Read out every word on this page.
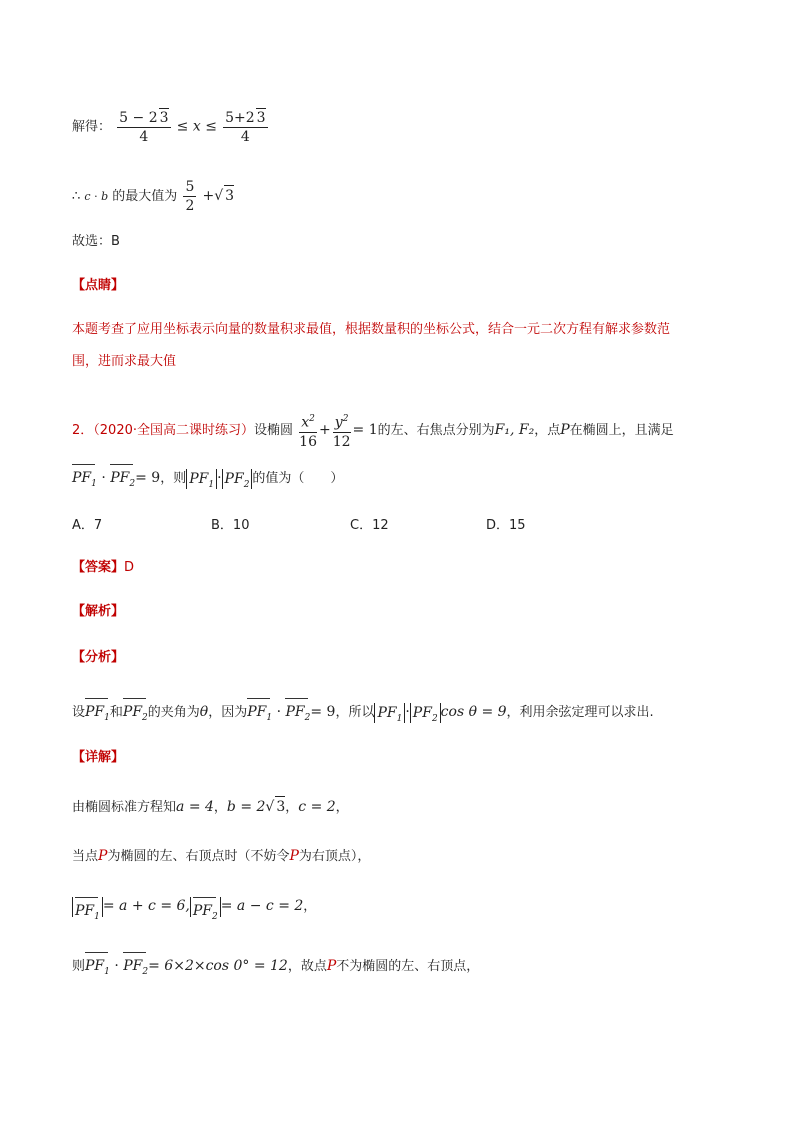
解得： $\frac{5 - 2 3}{4} \le x \le \frac{5+2 3}{4}$
∴ c · b 的最大值为 $\frac{5}{2}$ +√ 3
故选：B
【点睛】
本题考查了应用坐标表示向量的数量积求最值，根据数量积的坐标公式，结合一元二次方程有解求参数范
围，进而求最大值
2．（2020·全国高二课时练习）设椭圆 $\frac{x^2}{16} + \frac{y^2}{12} = 1$的左、右焦点分别为F₁, F₂，点P在椭圆上，且满足
$PF_1 \cdot PF_2= 9$，则 $PF_1 \cdot PF_2$ 的值为（　　）
A．7	B．10	C．12	D．15
【答案】D
【解析】
【分析】
设$PF_1$和$PF_2$的夹角为θ，因为$PF_1 \cdot PF_2= 9$，所以 $PF_1 \cdot PF_2$ cos θ = 9，利用余弦定理可以求出.
【详解】
由椭圆标准方程知a = 4，b = 2√ 3，c = 2，
当点P为椭圆的左、右顶点时（不妨令P为右顶点），
$PF_1= a + c = 6$, $PF_2= a - c = 2$，
则$PF_1 \cdot PF_2= 6\times 2\times\cos$ 0° = 12，故点P不为椭圆的左、右顶点，
